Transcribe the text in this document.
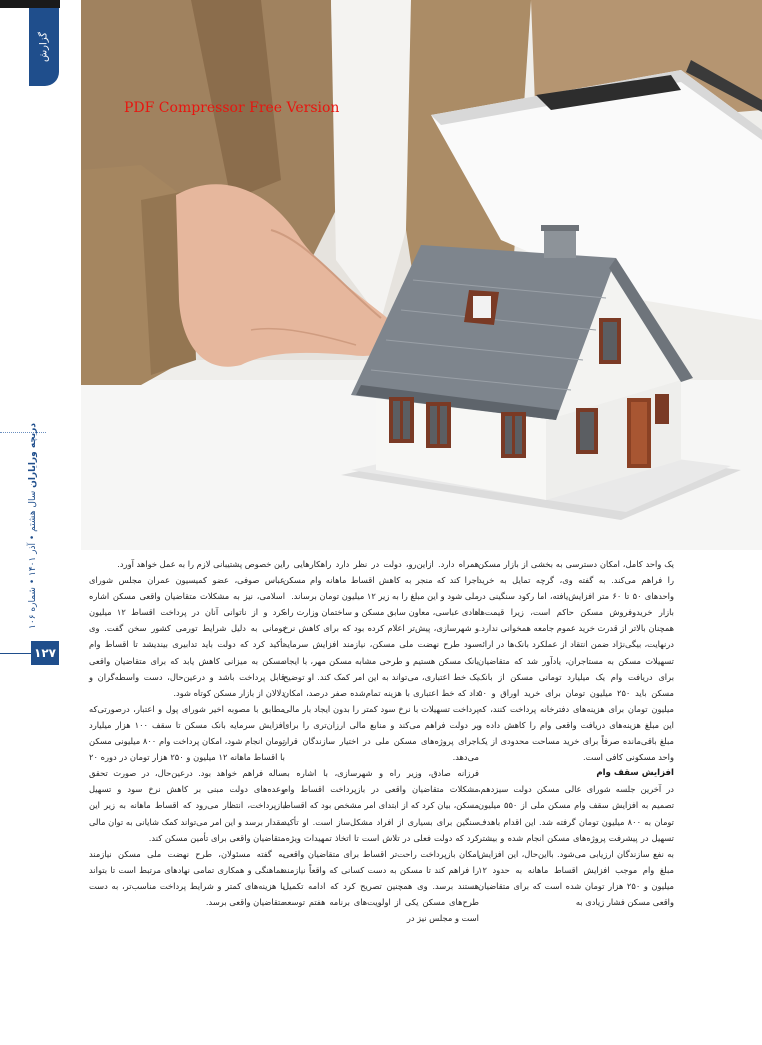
گزارش
PDF Compressor Free Version
دریچه ورایاران سال هشتم • آذر ۱۴۰۱ • شماره ۱۰۶
۱۲۷

یک واحد کامل، امکان دسترسی به بخشی از بازار مسکن را فراهم می‌کند. به گفته وی، گرچه تمایل به خرید واحدهای ۵۰ تا ۶۰ متر افزایش‌یافته، اما رکود سنگینی در بازار خرید‌وفروش مسکن حاکم است، زیرا قیمت‌ها همچنان بالاتر از قدرت خرید عموم جامعه همخوانی ندارد.

درنهایت، بیگی‌نژاد ضمن انتقاد از عملکرد بانک‌ها در ارائه تسهیلات مسکن به مستاجران، یادآور شد که متقاضیان برای دریافت وام یک میلیارد تومانی مسکن از بانک مسکن باید ۲۵۰ میلیون تومان برای خرید اوراق و ۵۰ میلیون تومان برای هزینه‌های دفترخانه پرداخت کنند، که این مبلغ هزینه‌های دریافت واقعی وام را کاهش داده و مبلغ باقی‌مانده صرفاً برای خرید مساحت محدودی از یک واحد مسکونی کافی است.

افزایش سقف وام

در آخرین جلسه شورای عالی مسکن دولت سیزدهم، تصمیم به افزایش سقف وام مسکن ملی از ۵۵۰ میلیون تومان به ۸۰۰ میلیون تومان گرفته شد. این اقدام باهدف تسهیل در پیشرفت پروژه‌های مسکن انجام شده و بیشتر به نفع سازندگان ارزیابی می‌شود. بااین‌حال، این افزایش مبلغ وام موجب افزایش اقساط ماهانه به حدود ۱۲ میلیون و ۲۵۰ هزار تومان شده است که برای متقاضیان واقعی مسکن فشار زیادی به

همراه دارد. ازاین‌رو، دولت در نظر دارد راهکارهایی را اجرا کند که منجر به کاهش اقساط ماهانه وام مسکن ملی شود و این مبلغ را به زیر ۱۲ میلیون تومان برساند.

هادی عباسی، معاون سابق مسکن و ساختمان وزارت راه و شهرسازی، پیش‌تر اعلام کرده بود که برای کاهش نرخ سود طرح نهضت ملی مسکن، نیازمند افزایش سرمایه بانک مسکن هستیم و طرحی مشابه مسکن مهر، با ایجاد یک خط اعتباری، می‌تواند به این امر کمک کند. او توضیح داد که خط اعتباری با هزینه تمام‌شده صفر درصد، امکان پرداخت تسهیلات با نرخ سود کمتر را بدون ایجاد بار مالی بر دولت فراهم می‌کند و منابع مالی ارزان‌تری را برای اجرای پروژه‌های مسکن ملی در اختیار سازندگان قرار می‌دهد.

فرزانه صادق، وزیر راه و شهرسازی، با اشاره به مشکلات متقاضیان واقعی در بازپرداخت اقساط وام مسکن، بیان کرد که از ابتدای امر مشخص بود که اقساط سنگین برای بسیاری از افراد مشکل‌ساز است. او تأکید کرد که دولت فعلی در تلاش است تا اتخاذ تمهیدات ویژه، امکان بازپرداخت راحت‌تر اقساط برای متقاضیان واقعی را فراهم کند تا مسکن به دست کسانی که واقعاً نیازمند هستند برسد. وی همچنین تصریح کرد که ادامه تکمیل طرح‌های مسکن یکی از اولویت‌های برنامه هفتم توسعه است و مجلس نیز در

این خصوص پشتیبانی لازم را به عمل خواهد آورد.

عباس صوفی، عضو کمیسیون عمران مجلس شورای اسلامی، نیز به مشکلات متقاضیان واقعی مسکن اشاره کرد و از ناتوانی آنان در پرداخت اقساط ۱۲ میلیون تومانی به دلیل شرایط تورمی کشور سخن گفت. وی تأکید کرد که دولت باید تدابیری بیندیشد تا اقساط وام مسکن به میزانی کاهش یابد که برای متقاضیان واقعی قابل پرداخت باشد و درعین‌حال، دست واسطه‌گران و دلالان از بازار مسکن کوتاه شود.

مطابق با مصوبه اخیر شورای پول و اعتبار، درصورتی‌که افزایش سرمایه بانک مسکن تا سقف ۱۰۰ هزار میلیارد تومان انجام شود، امکان پرداخت وام ۸۰۰ میلیونی مسکن با اقساط ماهانه ۱۲ میلیون و ۲۵۰ هزار تومان در دوره ۲۰ ساله فراهم خواهد بود. درعین‌حال، در صورت تحقق وعده‌های دولت مبنی بر کاهش نرخ سود و تسهیل بازپرداخت، انتظار می‌رود که اقساط ماهانه به زیر این مقدار برسد و این امر می‌تواند کمک شایانی به توان مالی متقاضیان واقعی برای تأمین مسکن کند.

به گفته مسئولان، طرح نهضت ملی مسکن نیازمند هماهنگی و همکاری تمامی نهادهای مرتبط است تا بتواند با هزینه‌های کمتر و شرایط پرداخت مناسب‌تر، به دست متقاضیان واقعی برسد.
